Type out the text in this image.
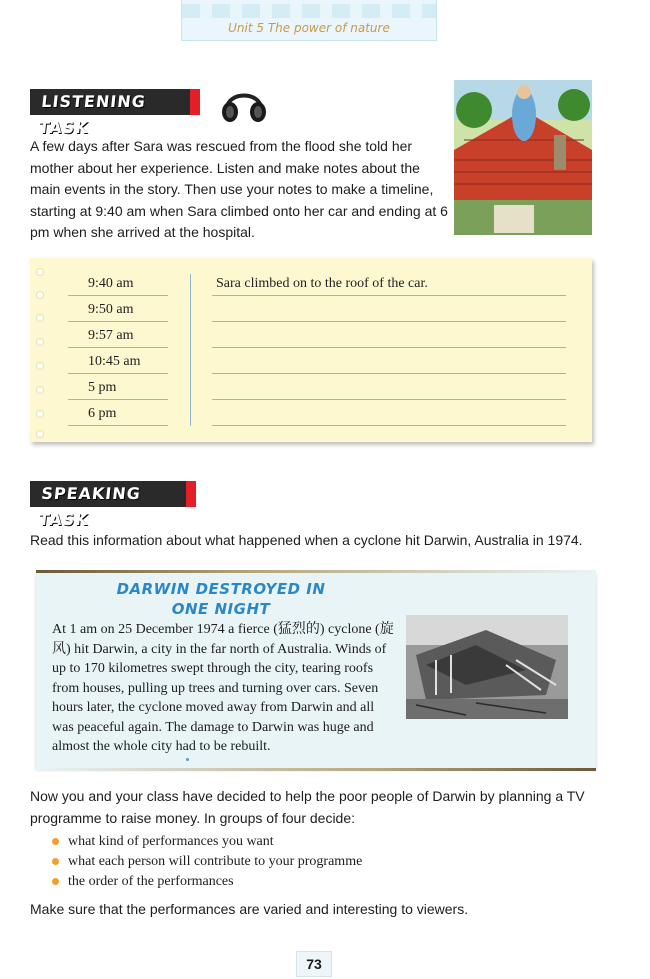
Unit 5 The power of nature
LISTENING TASK
A few days after Sara was rescued from the flood she told her mother about her experience. Listen and make notes about the main events in the story. Then use your notes to make a timeline, starting at 9:40 am when Sara climbed onto her car and ending at 6 pm when she arrived at the hospital.
9:40 am	Sara climbed on to the roof of the car.
9:50 am
9:57 am
10:45 am
5 pm
6 pm
SPEAKING TASK
Read this information about what happened when a cyclone hit Darwin, Australia in 1974.
DARWIN DESTROYED IN
ONE NIGHT
At 1 am on 25 December 1974 a fierce (猛烈的) cyclone (旋风) hit Darwin, a city in the far north of Australia. Winds of up to 170 kilometres swept through the city, tearing roofs from houses, pulling up trees and turning over cars. Seven hours later, the cyclone moved away from Darwin and all was peaceful again. The damage to Darwin was huge and almost the whole city had to be rebuilt.
Now you and your class have decided to help the poor people of Darwin by planning a TV programme to raise money. In groups of four decide:
what kind of performances you want
what each person will contribute to your programme
the order of the performances
Make sure that the performances are varied and interesting to viewers.
73
